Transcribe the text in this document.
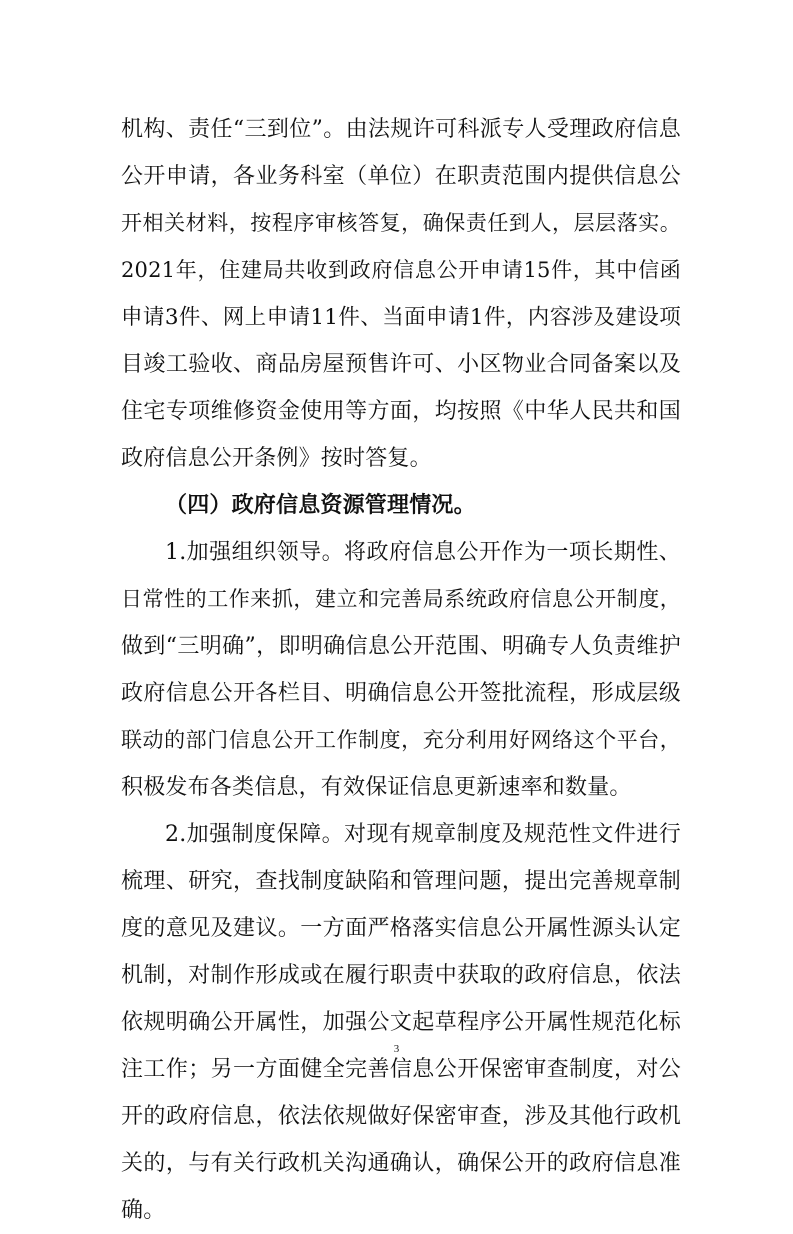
机构、责任“三到位”。由法规许可科派专人受理政府信息
公开申请，各业务科室（单位）在职责范围内提供信息公
开相关材料，按程序审核答复，确保责任到人，层层落实。
2021年，住建局共收到政府信息公开申请15件，其中信函
申请3件、网上申请11件、当面申请1件，内容涉及建设项
目竣工验收、商品房屋预售许可、小区物业合同备案以及
住宅专项维修资金使用等方面，均按照《中华人民共和国
政府信息公开条例》按时答复。
（四）政府信息资源管理情况。
1.加强组织领导。将政府信息公开作为一项长期性、
日常性的工作来抓，建立和完善局系统政府信息公开制度，
做到“三明确”，即明确信息公开范围、明确专人负责维护
政府信息公开各栏目、明确信息公开签批流程，形成层级
联动的部门信息公开工作制度，充分利用好网络这个平台，
积极发布各类信息，有效保证信息更新速率和数量。
2.加强制度保障。对现有规章制度及规范性文件进行
梳理、研究，查找制度缺陷和管理问题，提出完善规章制
度的意见及建议。一方面严格落实信息公开属性源头认定
机制，对制作形成或在履行职责中获取的政府信息，依法
依规明确公开属性，加强公文起草程序公开属性规范化标
注工作；另一方面健全完善信息公开保密审查制度，对公
开的政府信息，依法依规做好保密审查，涉及其他行政机
关的，与有关行政机关沟通确认，确保公开的政府信息准
确。
3
